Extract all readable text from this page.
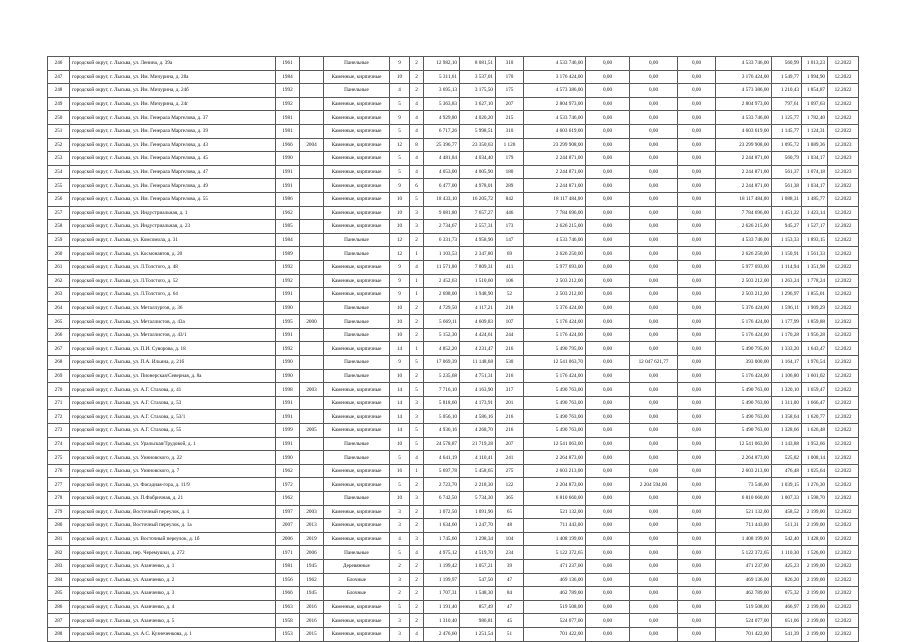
246	городской округ, г. Лысьва, ул. Ленина, д. 39а	1961		Панельные	9	2	12 982,10	8 081,51	310	4 533 746,00	0,00	0,00	0,00	4 533 746,00	560,99	1 013,23	12.2022
247	городской округ, г. Лысьва, ул. Им. Мичурина, д. 28а	1984		Каменные, кирпичные	10	2	5 311,61	3 537,01	170	3 176 424,00	0,00	0,00	0,00	3 176 424,00	1 549,77	1 994,90	12.2022
248	городской округ, г. Лысьва, ул. Им. Мичурина, д. 24б	1992		Панельные	4	2	3 695,13	3 175,50	175	4 573 386,00	0,00	0,00	0,00	4 573 386,00	1 210,43	1 854,87	12.2022
249	городской округ, г. Лысьва, ул. Им. Мичурина, д. 24г	1992		Каменные, кирпичные	5	4	5 363,83	3 627,10	207	2 804 973,00	0,00	0,00	0,00	2 804 973,00	797,61	1 097,63	12.2022
250	городской округ, г. Лысьва, ул. Им. Генерала Маргелова, д. 37	1981		Каменные, кирпичные	9	4	4 929,80	4 020,20	215	4 533 746,00	0,00	0,00	0,00	4 533 746,00	1 125,77	1 782,40	12.2022
251	городской округ, г. Лысьва, ул. Им. Генерала Маргелова, д. 39	1981		Каменные, кирпичные	5	4	6 717,26	5 998,51	310	4 603 619,00	0,00	0,00	0,00	4 603 619,00	1 145,77	1 124,31	12.2022
252	городской округ, г. Лысьва, ул. Им. Генерала Маргелова, д. 43	1966	2004	Каменные, кирпичные	12	8	25 396,77	23 350,63	1 120	23 299 908,00	0,00	0,00	0,00	23 299 908,00	1 095,72	1 889,36	12.2023
253	городской округ, г. Лысьва, ул. Им. Генерала Маргелова, д. 45	1990		Каменные, кирпичные	5	4	4 481,84	4 034,40	179	2 244 871,00	0,00	0,00	0,00	2 244 871,00	560,79	1 034,17	12.2023
254	городской округ, г. Лысьва, ул. Им. Генерала Маргелова, д. 47	1991		Каменные, кирпичные	5	4	4 053,00	4 005,90	180	2 244 871,00	0,00	0,00	0,00	2 244 871,00	561,37	1 074,18	12.2023
255	городской округ, г. Лысьва, ул. Им. Генерала Маргелова, д. 49	1991		Каменные, кирпичные	9	6	6 477,00	4 978,01	289	2 244 871,00	0,00	0,00	0,00	2 244 871,00	561,38	1 034,17	12.2022
256	городской округ, г. Лысьва, ул. Им. Генерала Маргелова, д. 55	1986		Каменные, кирпичные	10	5	18 433,10	16 205,72	842	18 117 484,00	0,00	0,00	0,00	18 117 484,00	1 088,31	1 485,77	12.2022
257	городской округ, г. Лысьва, ул. Индустриальная, д. 1	1962		Каменные, кирпичные	10	3	9 081,80	7 657,27	446	7 784 696,00	0,00	0,00	0,00	7 784 696,00	1 451,22	1 423,14	12.2022
258	городской округ, г. Лысьва, ул. Индустриальная, д. 23	1985		Каменные, кирпичные	10	3	2 734,67	2 557,31	173	2 626 215,00	0,00	0,00	0,00	2 626 215,00	945,27	1 527,17	12.2022
259	городской округ, г. Лысьва, ул. Комсомола, д. 31	1984		Панельные	12	2	6 331,73	4 958,90	147	4 533 746,00	0,00	0,00	0,00	4 533 746,00	1 153,33	1 893,15	12.2022
260	городской округ, г. Лысьва, ул. Космонавтов, д. 20	1989		Панельные	12	1	1 103,53	2 347,80	69	2 626 250,00	0,00	0,00	0,00	2 626 250,00	1 150,91	1 561,33	12.2022
261	городской округ, г. Лысьва, ул. Л.Толстого, д. 48	1992		Каменные, кирпичные	9	4	11 571,00	7 809,31	411	5 977 693,00	0,00	0,00	0,00	5 977 693,00	1 114,94	1 351,98	12.2022
262	городской округ, г. Лысьва, ул. Л.Толстого, д. 52	1992		Каменные, кирпичные	9	1	2 452,63	1 510,60	106	2 503 212,00	0,00	0,00	0,00	2 503 212,00	1 263,24	1 778,24	12.2022
263	городской округ, г. Лысьва, ул. Л.Толстого, д. 64	1991		Каменные, кирпичные	9	1	2 698,00	1 948,90	52	2 503 212,00	0,00	0,00	0,00	2 503 212,00	1 296,97	1 855,01	12.2022
264	городской округ, г. Лысьва, ул. Металлургов, д. 36	1990		Панельные	10	2	4 729,50	4 117,21	218	5 376 424,00	0,00	0,00	0,00	5 376 424,00	1 596,11	1 909,29	12.2022
265	городской округ, г. Лысьва, ул. Металлистов, д. 43а	1995	2000	Панельные	10	2	5 669,11	4 609,83	107	5 176 424,00	0,00	0,00	0,00	5 176 424,00	1 177,99	1 859,88	12.2022
266	городской округ, г. Лысьва, ул. Металлистов, д. 43/1	1991		Панельные	10	2	5 152,30	4 424,61	244	5 176 424,00	0,00	0,00	0,00	5 176 424,00	1 170,28	1 956,28	12.2022
267	городской округ, г. Лысьва, ул. П.И. Суворова, д. 18	1992		Каменные, кирпичные	14	1	4 852,20	4 231,47	216	5 490 795,00	0,00	0,00	0,00	5 490 795,00	1 333,20	1 643,47	12.2022
268	городской округ, г. Лысьва, ул. П.А. Ильина, д. 21б	1990		Панельные	9	5	17 069,39	11 148,68	530	12 541 063,70	0,00	12 047 621,77	0,00	393 000,00	1 164,17	1 976,54	12.2022
269	городской округ, г. Лысьва, ул. Пионерская/Северная, д. 8а	1990		Панельные	10	2	5 235,68	4 751,31	216	5 176 424,00	0,00	0,00	0,00	5 176 424,00	1 106,80	1 601,02	12.2022
270	городской округ, г. Лысьва, ул. А.Г. Стахова, д. 41	1998	2003	Каменные, кирпичные	14	5	7 716,10	4 163,90	317	5 490 763,00	0,00	0,00	0,00	5 490 763,00	1 320,10	1 659,47	12.2022
271	городской округ, г. Лысьва, ул. А.Г. Стахова, д. 53	1991		Каменные, кирпичные	14	3	5 818,60	4 173,91	201	5 490 763,00	0,00	0,00	0,00	5 490 763,00	1 311,00	1 666,47	12.2022
272	городской округ, г. Лысьва, ул. А.Г. Стахова, д. 53/1	1991		Каменные, кирпичные	14	3	5 056,10	4 586,16	216	5 490 763,00	0,00	0,00	0,00	5 490 763,00	1 358,64	1 620,77	12.2022
273	городской округ, г. Лысьва, ул. А.Г. Стахова, д. 55	1999	2005	Каменные, кирпичные	14	5	4 936,16	4 268,70	216	5 490 763,00	0,00	0,00	0,00	5 490 763,00	1 328,66	1 626,48	12.2022
274	городской округ, г. Лысьва, ул. Уральская/Трудовой, д. 1	1991		Панельные	10	5	24 578,87	21 719,28	207	12 541 063,00	0,00	0,00	0,00	12 541 063,00	1 143,88	1 952,66	12.2022
275	городской округ, г. Лысьва, ул. Уинновского, д. 22	1990		Панельные	5	4	4 641,19	4 110,41	241	2 264 873,00	0,00	0,00	0,00	2 264 873,00	525,82	1 008,14	12.2022
276	городской округ, г. Лысьва, ул. Уинновского, д. 7	1962		Каменные, кирпичные	16	1	5 697,78	5 458,65	275	2 603 213,00	0,00	0,00	0,00	2 603 213,00	476,48	1 025,64	12.2022
277	городской округ, г. Лысьва, ул. Фасадная-гора, д. 11/9	1972		Каменные, кирпичные	5	2	2 723,70	2 218,30	122	2 204 873,00	0,00	2 204 594,00	0,00	73 546,00	1 039,15	1 276,30	12.2022
278	городской округ, г. Лысьва, ул. П.Фабричная, д. 21	1962		Панельные	10	3	6 742,50	5 734,30	365	6 810 660,00	0,00	0,00	0,00	6 810 660,00	1 007,33	1 598,70	12.2022
279	городской округ, г. Лысьва, Восточный переулок, д. 1	1997	2003	Каменные, кирпичные	3	2	1 072,50	1 091,90	65	521 132,00	0,00	0,00	0,00	521 132,00	458,52	2 199,00	12.2022
280	городской округ, г. Лысьва, Восточный переулок, д. 1а	2007	2013	Каменные, кирпичные	3	2	1 634,60	1 247,70	48	711 443,00	0,00	0,00	0,00	711 443,00	511,31	2 199,00	12.2022
281	городской округ, г. Лысьва, ул. Восточный переулок, д. 1б	2006	2019	Каменные, кирпичные	4	3	1 745,60	1 298,34	104	1 408 199,00	0,00	0,00	0,00	1 408 199,00	542,40	1 428,00	12.2022
282	городской округ, г. Лысьва, пер. Черемушки, д. 272	1971	2006	Панельные	5	4	4 975,12	4 519,70	234	5 122 372,65	0,00	0,00	0,00	5 122 372,65	1 110,30	1 526,00	12.2022
283	городской округ, г. Лысьва, ул. Азанченко, д. 1	1981	1945	Деревянные	2	2	1 199,42	1 057,21	39	471 237,00	0,00	0,00	0,00	471 237,00	425,23	2 199,00	12.2022
284	городской округ, г. Лысьва, ул. Азанченко, д. 2	1956	1962	Блочные	3	2	1 199,97	547,50	47	469 136,00	0,00	0,00	0,00	469 136,00	826,20	2 199,00	12.2022
285	городской округ, г. Лысьва, ул. Азанченко, д. 3	1966	1945	Блочные	2	2	1 707,31	1 548,30	84	462 789,00	0,00	0,00	0,00	462 789,00	675,32	2 199,00	12.2022
286	городской округ, г. Лысьва, ул. Азанченко, д. 4	1963	2016	Каменные, кирпичные	5	2	1 191,40	857,49	47	519 508,00	0,00	0,00	0,00	519 508,00	466,97	2 199,00	12.2022
287	городской округ, г. Лысьва, ул. Азанченко, д. 5	1958	2016	Каменные, кирпичные	3	2	1 310,40	986,81	45	524 077,00	0,00	0,00	0,00	524 077,00	651,06	2 199,00	12.2022
288	городской округ, г. Лысьва, ул. А.С. Кузнеченкова, д. 1	1953	2015	Каменные, кирпичные	3	4	2 476,60	1 251,54	51	701 422,00	0,00	0,00	0,00	701 422,00	541,39	2 199,00	12.2022
